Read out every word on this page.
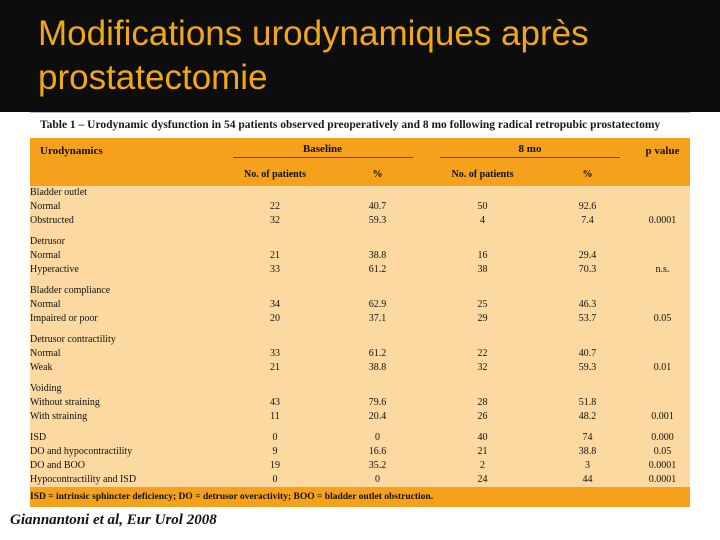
Modifications urodynamiques après prostatectomie
Table 1 – Urodynamic dysfunction in 54 patients observed preoperatively and 8 mo following radical retropubic prostatectomy
Urodynamics	Baseline		8 mo		p value
	No. of patients	%	No. of patients	%	
Bladder outlet					
Normal	22	40.7	50	92.6	
Obstructed	32	59.3	4	7.4	0.0001

Detrusor					
Normal	21	38.8	16	29.4	
Hyperactive	33	61.2	38	70.3	n.s.

Bladder compliance					
Normal	34	62.9	25	46.3	
Impaired or poor	20	37.1	29	53.7	0.05

Detrusor contractility					
Normal	33	61.2	22	40.7	
Weak	21	38.8	32	59.3	0.01

Voiding					
Without straining	43	79.6	28	51.8	
With straining	11	20.4	26	48.2	0.001

ISD	0	0	40	74	0.000
DO and hypocontractility	9	16.6	21	38.8	0.05
DO and BOO	19	35.2	2	3	0.0001
Hypocontractility and ISD	0	0	24	44	0.0001
ISD = intrinsic sphincter deficiency; DO = detrusor overactivity; BOO = bladder outlet obstruction.					
Giannantoni et al, Eur Urol 2008
